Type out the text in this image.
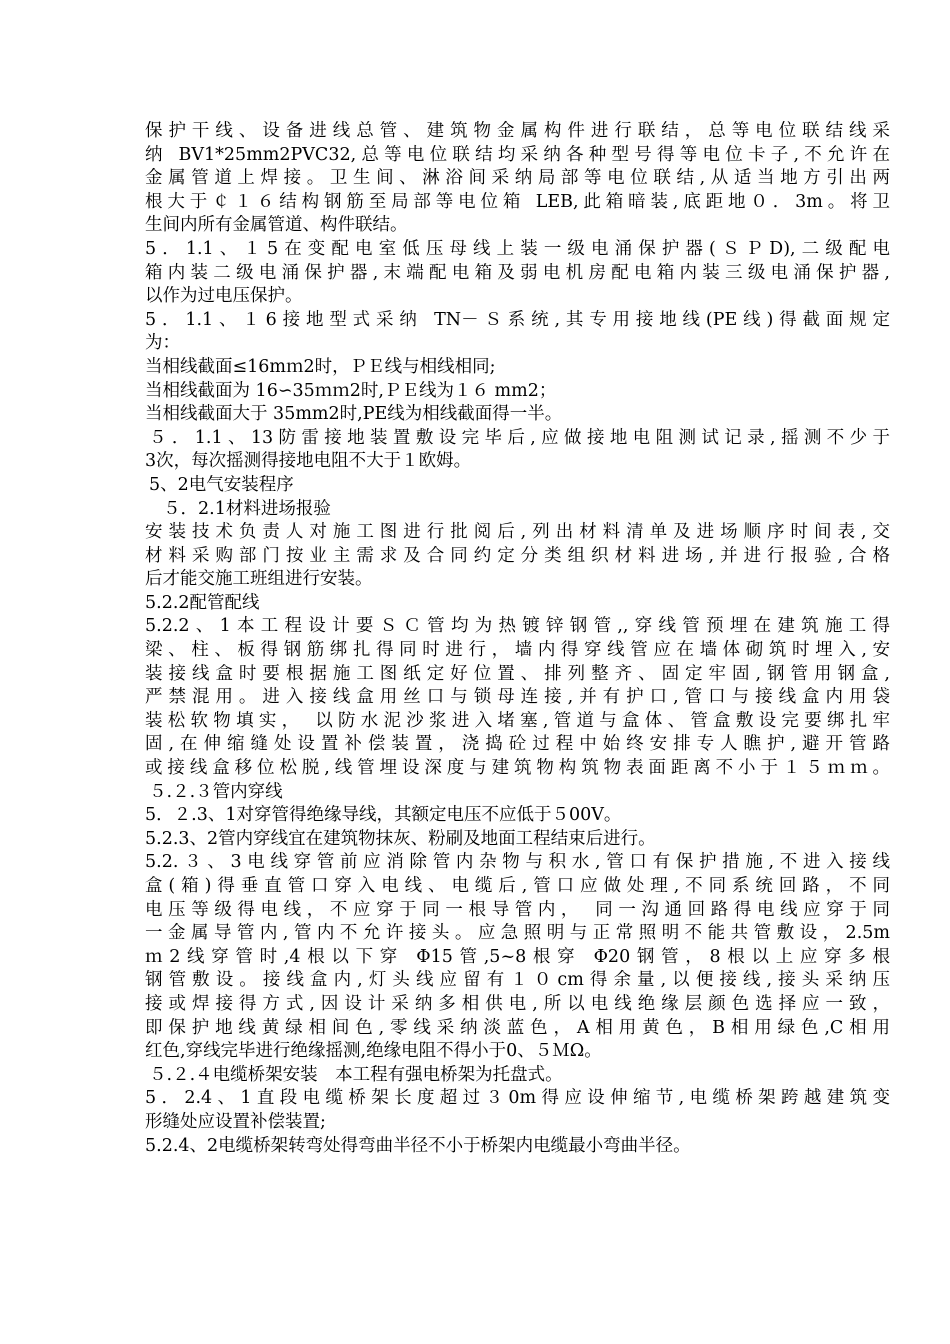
保护干线、设备进线总管、建筑物金属构件进行联结，总等电位联结线采
纳 BV1*25mm2PVC32,总等电位联结均采纳各种型号得等电位卡子,不允许在
金属管道上焊接。卫生间、淋浴间采纳局部等电位联结,从适当地方引出两
根大于￠１６结构钢筋至局部等电位箱 LEB,此箱暗装,底距地０．3m。将卫
生间内所有金属管道、构件联结。
5．1.1、１5在变配电室低压母线上装一级电涌保护器(ＳＰD),二级配电
箱内装二级电涌保护器,末端配电箱及弱电机房配电箱内装三级电涌保护器,
以作为过电压保护。
5．1.1、１6接地型式采纳 TN－Ｓ系统,其专用接地线(PE线)得截面规定
为：
当相线截面≤16mｍ2时，ＰＥ线与相线相同;
当相线截面为 16∽35ｍｍ2时,ＰＥ线为１６ mm2；
当相线截面大于 35mm2时,PE线为相线截面得一半。
５．1.1、13防雷接地装置敷设完毕后,应做接地电阻测试记录,摇测不少于
3次，每次摇测得接地电阻不大于１欧姆。
5、2电气安装程序
５．2.1材料进场报验
安装技术负责人对施工图进行批阅后,列出材料清单及进场顺序时间表,交
材料采购部门按业主需求及合同约定分类组织材料进场,并进行报验,合格
后才能交施工班组进行安装。
5.2.2配管配线
5.2.2、1本工程设计要ＳＣ管均为热镀锌钢管,,穿线管预埋在建筑施工得
梁、柱、板得钢筋绑扎得同时进行，墙内得穿线管应在墙体砌筑时埋入,安
装接线盒时要根据施工图纸定好位置、排列整齐、固定牢固,钢管用钢盒,
严禁混用。进入接线盒用丝口与锁母连接,并有护口,管口与接线盒内用袋
装松软物填实， 以防水泥沙浆进入堵塞,管道与盒体、管盒敷设完要绑扎牢
固,在伸缩缝处设置补偿装置，浇捣砼过程中始终安排专人瞧护,避开管路
或接线盒移位松脱,线管埋设深度与建筑物构筑物表面距离不小于１５ｍｍ。
５.２.３管内穿线
5．２.3、1对穿管得绝缘导线，其额定电压不应低于５00V。
5.2.3、2管内穿线宜在建筑物抹灰、粉刷及地面工程结束后进行。
5.2.３、3电线穿管前应消除管内杂物与积水,管口有保护措施,不进入接线
盒(箱)得垂直管口穿入电线、电缆后,管口应做处理,不同系统回路，不同
电压等级得电线，不应穿于同一根导管内， 同一沟通回路得电线应穿于同
一金属导管内,管内不允许接头。应急照明与正常照明不能共管敷设，2.5m
ｍ2线穿管时,4根以下穿 Φ15管,5~8根穿 Φ20钢管，8根以上应穿多根
钢管敷设。接线盒内,灯头线应留有１０cm得余量,以便接线,接头采纳压
接或焊接得方式,因设计采纳多相供电,所以电线绝缘层颜色选择应一致，
即保护地线黄绿相间色,零线采纳淡蓝色，A相用黄色，B相用绿色,C相用
红色,穿线完毕进行绝缘摇测,绝缘电阻不得小于0、５ＭΩ。
５.２.４电缆桥架安装　本工程有强电桥架为托盘式。
5．2.4、1直段电缆桥架长度超过３0m得应设伸缩节,电缆桥架跨越建筑变
形缝处应设置补偿装置;
5.2.4、2电缆桥架转弯处得弯曲半径不小于桥架内电缆最小弯曲半径。
